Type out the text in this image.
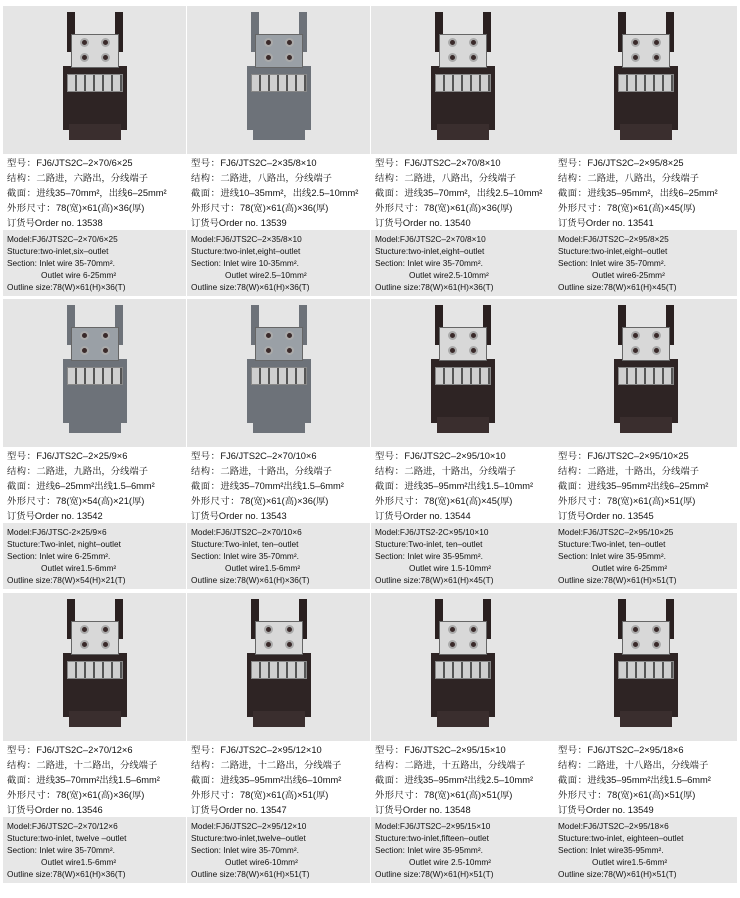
型号：FJ6/JTS2C–2×70/6×25
结构：二路进，六路出，分线端子
截面：进线35–70mm²，出线6–25mm²
外形尺寸：78(宽)×61(高)×36(厚)
订货号Order no. 13538
Model:FJ6/JTS2C–2×70/6×25
Stucture:two-inlet,six–outlet
Section: Inlet wire 35-70mm².
Outlet wire 6-25mm²
Outline size:78(W)×61(H)×36(T)
型号：FJ6/JTS2C–2×35/8×10
结构：二路进，八路出，分线端子
截面：进线10–35mm²，出线2.5–10mm²
外形尺寸：78(宽)×61(高)×36(厚)
订货号Order no. 13539
Model:FJ6/JTS2C–2×35/8×10
Stucture:two-inlet,eight–outlet
Section: Inlet wire 10-35mm².
Outlet wire2.5–10mm²
Outline size:78(W)×61(H)×36(T)
型号：FJ6/JTS2C–2×70/8×10
结构：二路进，八路出，分线端子
截面：进线35–70mm²，出线2.5–10mm²
外形尺寸：78(宽)×61(高)×36(厚)
订货号Order no. 13540
Model:FJ6/JTS2C–2×70/8×10
Stucture:two-inlet,eight–outlet
Section: Inlet wire 35-70mm².
Outlet wire2.5-10mm²
Outline size:78(W)×61(H)×36(T)
型号：FJ6/JTS2C–2×95/8×25
结构：二路进，八路出，分线端子
截面：进线35–95mm²，出线6–25mm²
外形尺寸：78(宽)×61(高)×45(厚)
订货号Order no. 13541
Model:FJ6/JTS2C–2×95/8×25
Stucture:two-inlet,eight–outlet
Section: Inlet wire 35-70mm².
Outlet wire6-25mm²
Outline size:78(W)×61(H)×45(T)
型号：FJ6/JTS2C–2×25/9×6
结构：二路进，九路出，分线端子
截面：进线6–25mm²出线1.5–6mm²
外形尺寸：78(宽)×54(高)×21(厚)
订货号Order no. 13542
Model:FJ6/JTSC-2×25/9×6
Stucture:Two-inlet, night–outlet
Section: Inlet wire 6-25mm².
Outlet wire1.5-6mm²
Outline size:78(W)×54(H)×21(T)
型号：FJ6/JTS2C–2×70/10×6
结构：二路进，十路出，分线端子
截面：进线35–70mm²出线1.5–6mm²
外形尺寸：78(宽)×61(高)×36(厚)
订货号Order no. 13543
Model:FJ6/JTS2C–2×70/10×6
Stucture:Two-inlet, ten–outlet
Section: Inlet wire 35-70mm².
Outlet wire1.5-6mm²
Outline size:78(W)×61(H)×36(T)
型号：FJ6/JTS2C–2×95/10×10
结构：二路进，十路出，分线端子
截面：进线35–95mm²出线1.5–10mm²
外形尺寸：78(宽)×61(高)×45(厚)
订货号Order no. 13544
Model:FJ6/JTS2-2C×95/10×10
Stucture:Two-inlet, ten–outlet
Section: Inlet wire 35-95mm².
Outlet wire 1.5-10mm²
Outline size:78(W)×61(H)×45(T)
型号：FJ6/JTS2C–2×95/10×25
结构：二路进，十路出，分线端子
截面：进线35–95mm²出线6–25mm²
外形尺寸：78(宽)×61(高)×51(厚)
订货号Order no. 13545
Model:FJ6/JTS2C–2×95/10×25
Stucture:Two-inlet, ten–outlet
Section: Inlet wire 35-95mm².
Outlet wire 6-25mm²
Outline size:78(W)×61(H)×51(T)
型号：FJ6/JTS2C–2×70/12×6
结构：二路进，十二路出，分线端子
截面：进线35–70mm²出线1.5–6mm²
外形尺寸：78(宽)×61(高)×36(厚)
订货号Order no. 13546
Model:FJ6/JTS2C–2×70/12×6
Stucture:two-inlet, twelve –outlet
Section: Inlet wire 35-70mm².
Outlet wire1.5-6mm²
Outline size:78(W)×61(H)×36(T)
型号：FJ6/JTS2C–2×95/12×10
结构：二路进，十二路出，分线端子
截面：进线35–95mm²出线6–10mm²
外形尺寸：78(宽)×61(高)×51(厚)
订货号Order no. 13547
Model:FJ6/JTS2C–2×95/12×10
Stucture:two-inlet,twelve–outlet
Section: Inlet wire 35-70mm².
Outlet wire6-10mm²
Outline size:78(W)×61(H)×51(T)
型号：FJ6/JTS2C–2×95/15×10
结构：二路进，十五路出，分线端子
截面：进线35–95mm²出线2.5–10mm²
外形尺寸：78(宽)×61(高)×51(厚)
订货号Order no. 13548
Model:FJ6/JTS2C–2×95/15×10
Stucture:two-inlet,fifteen–outlet
Section: Inlet wire 35-95mm².
Outlet wire 2.5-10mm²
Outline size:78(W)×61(H)×51(T)
型号：FJ6/JTS2C–2×95/18×6
结构：二路进，十八路出，分线端子
截面：进线35–95mm²出线1.5–6mm²
外形尺寸：78(宽)×61(高)×51(厚)
订货号Order no. 13549
Model:FJ6/JTS2C–2×95/18×6
Stucture:two-inlet, eighteen–outlet
Section: Inlet wire35-95mm².
Outlet wire1.5-6mm²
Outline size:78(W)×61(H)×51(T)
